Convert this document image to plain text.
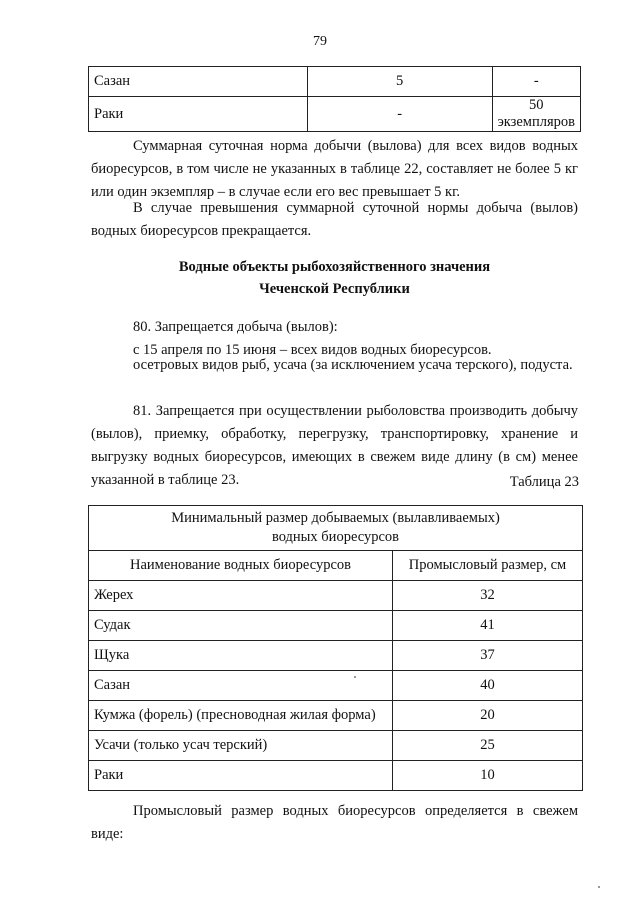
79
Сазан	5	-
Раки	-	50 экземпляров

Суммарная суточная норма добычи (вылова) для всех видов водных биоресурсов, в том числе не указанных в таблице 22, составляет не более 5 кг или один экземпляр – в случае если его вес превышает 5 кг.

В случае превышения суммарной суточной нормы добыча (вылов) водных биоресурсов прекращается.

Водные объекты рыбохозяйственного значения
Чеченской Республики

80. Запрещается добыча (вылов):

с 15 апреля по 15 июня – всех видов водных биоресурсов.

осетровых видов рыб, усача (за исключением усача терского), подуста.

81. Запрещается при осуществлении рыболовства производить добычу (вылов), приемку, обработку, перегрузку, транспортировку, хранение и выгрузку водных биоресурсов, имеющих в свежем виде длину (в см) менее указанной в таблице 23.	Таблица 23
Минимальный размер добываемых (вылавливаемых)
водных биоресурсов	

Наименование водных биоресурсов	Промысловый размер, см
Жерех	32
Судак	41
Щука	37
Сазан	40
Кумжа (форель) (пресноводная жилая форма)	20
Усачи (только усач терский)	25
Раки	10

Промысловый размер водных биоресурсов определяется в свежем виде:
